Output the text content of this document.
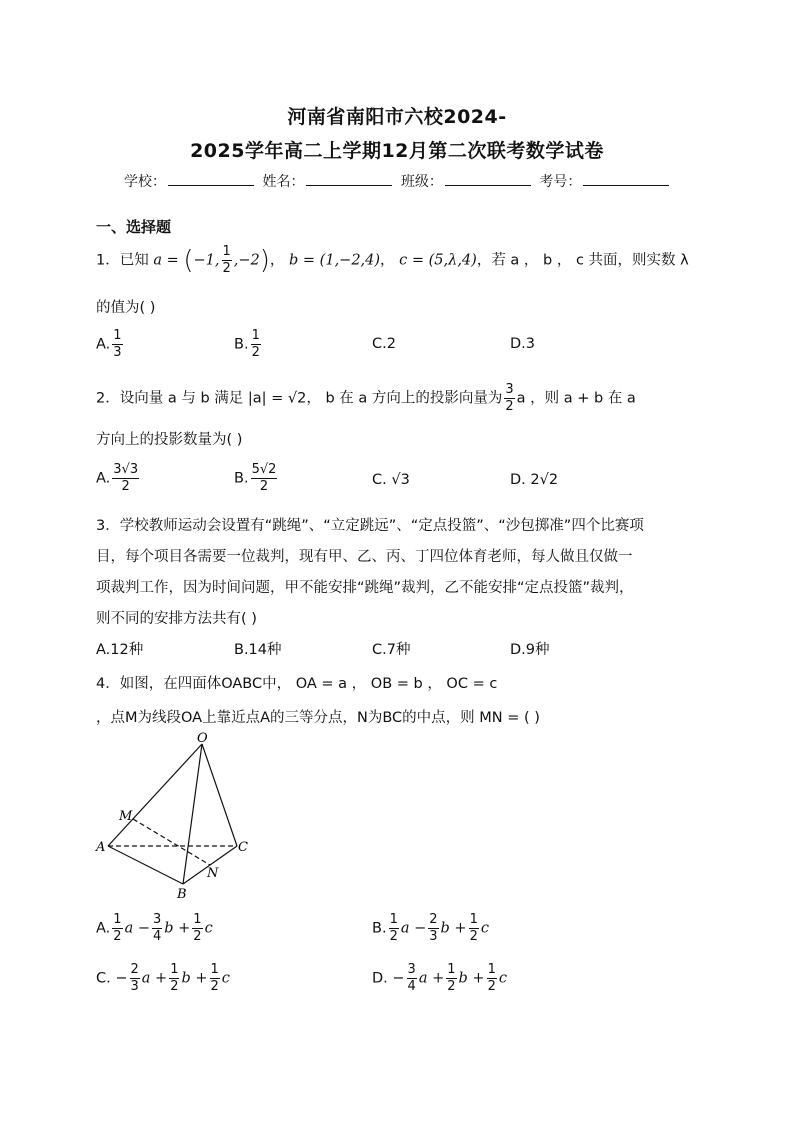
河南省南阳市六校2024-
2025学年高二上学期12月第二次联考数学试卷
学校：	姓名：	班级：	考号：
一、选择题
1．已知 a = (−1, $\frac{1}{2} ,-2$)， b = (1,−2,4)， c = (5,λ,4)，若 a ， b ， c 共面，则实数 λ
的值为( )
A. $\frac{1}{3}$	B. $\frac{1}{2}$	C.2	D.3
2．设向量 a 与 b 满足 |a| = √2， b 在 a 方向上的投影向量为 $\frac{3}{2}$ a ，则 a + b 在 a
方向上的投影数量为( )
A. $\frac{3√3}{2}$	B. $\frac{5√2}{2}$	C. √3	D. 2√2
3．学校教师运动会设置有“跳绳”、“立定跳远”、“定点投篮”、“沙包掷准”四个比赛项
目，每个项目各需要一位裁判，现有甲、乙、丙、丁四位体育老师，每人做且仅做一
项裁判工作，因为时间问题，甲不能安排“跳绳”裁判，乙不能安排“定点投篮”裁判，
则不同的安排方法共有( )
A.12种	B.14种	C.7种	D.9种
4．如图，在四面体OABC中， OA = a ， OB = b ， OC = c
，点M为线段OA上靠近点A的三等分点，N为BC的中点，则 MN = ( )
O
M
A	C
N
B
A. $\frac{1}{2}$ $a - \frac{3}{4}$ $b + \frac{1}{2}$ c	B. $\frac{1}{2}$ $a - \frac{2}{3}$ $b + \frac{1}{2}$ c
C. − $\frac{2}{3}$ $a + \frac{1}{2}$ $b + \frac{1}{2}$ c	D. − $\frac{3}{4}$ $a + \frac{1}{2}$ $b + \frac{1}{2}$ c
